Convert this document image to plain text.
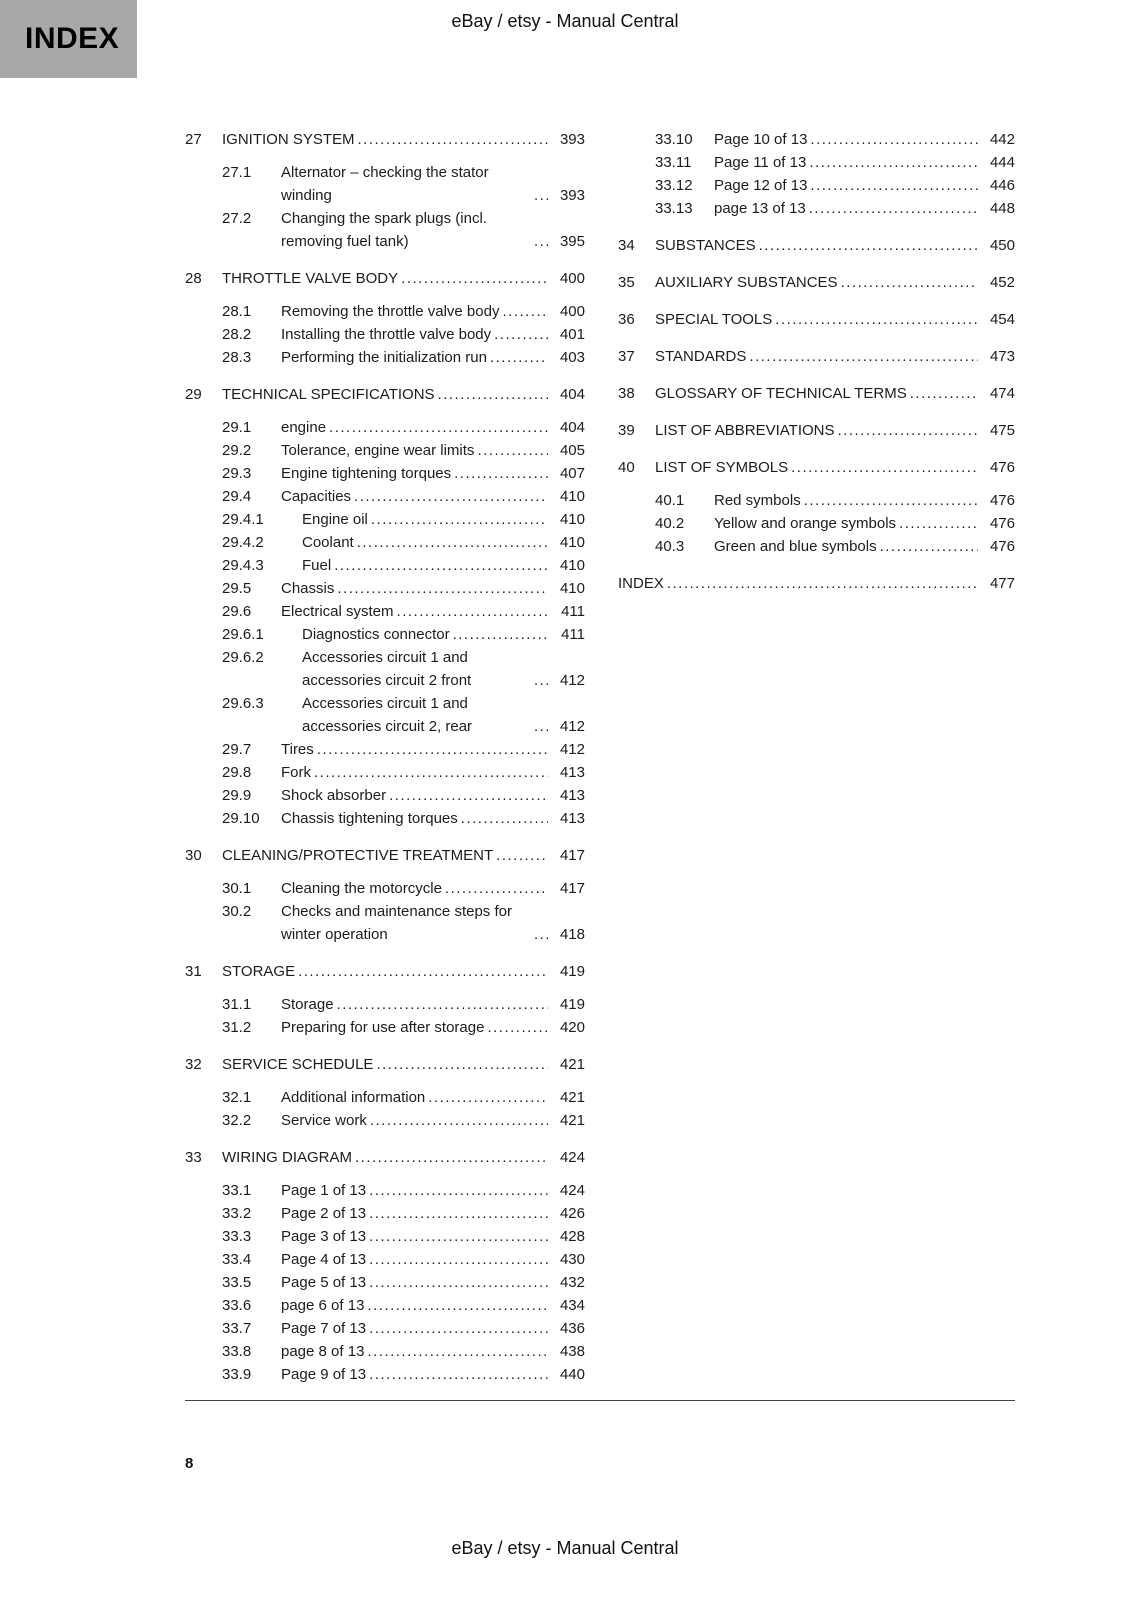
INDEX
eBay / etsy - Manual Central
27	IGNITION SYSTEM .....	393
27.1	Alternator – checking the stator winding .....	393
27.2	Changing the spark plugs (incl. removing fuel tank) .....	395
28	THROTTLE VALVE BODY .....	400
28.1	Removing the throttle valve body .....	400
28.2	Installing the throttle valve body .....	401
28.3	Performing the initialization run .....	403
29	TECHNICAL SPECIFICATIONS .....	404
29.1	engine .....	404
29.2	Tolerance, engine wear limits .....	405
29.3	Engine tightening torques .....	407
29.4	Capacities .....	410
29.4.1	Engine oil .....	410
29.4.2	Coolant .....	410
29.4.3	Fuel .....	410
29.5	Chassis .....	410
29.6	Electrical system .....	411
29.6.1	Diagnostics connector .....	411
29.6.2	Accessories circuit 1 and accessories circuit 2 front .....	412
29.6.3	Accessories circuit 1 and accessories circuit 2, rear .....	412
29.7	Tires .....	412
29.8	Fork .....	413
29.9	Shock absorber .....	413
29.10	Chassis tightening torques .....	413
30	CLEANING/PROTECTIVE TREATMENT .....	417
30.1	Cleaning the motorcycle .....	417
30.2	Checks and maintenance steps for winter operation .....	418
31	STORAGE .....	419
31.1	Storage .....	419
31.2	Preparing for use after storage .....	420
32	SERVICE SCHEDULE .....	421
32.1	Additional information .....	421
32.2	Service work .....	421
33	WIRING DIAGRAM .....	424
33.1	Page 1 of 13 .....	424
33.2	Page 2 of 13 .....	426
33.3	Page 3 of 13 .....	428
33.4	Page 4 of 13 .....	430
33.5	Page 5 of 13 .....	432
33.6	page 6 of 13 .....	434
33.7	Page 7 of 13 .....	436
33.8	page 8 of 13 .....	438
33.9	Page 9 of 13 .....	440
33.10	Page 10 of 13 .....	442
33.11	Page 11 of 13 .....	444
33.12	Page 12 of 13 .....	446
33.13	page 13 of 13 .....	448
34	SUBSTANCES .....	450
35	AUXILIARY SUBSTANCES .....	452
36	SPECIAL TOOLS .....	454
37	STANDARDS .....	473
38	GLOSSARY OF TECHNICAL TERMS .....	474
39	LIST OF ABBREVIATIONS .....	475
40	LIST OF SYMBOLS .....	476
40.1	Red symbols .....	476
40.2	Yellow and orange symbols .....	476
40.3	Green and blue symbols .....	476
INDEX .....	477
8
eBay / etsy - Manual Central
